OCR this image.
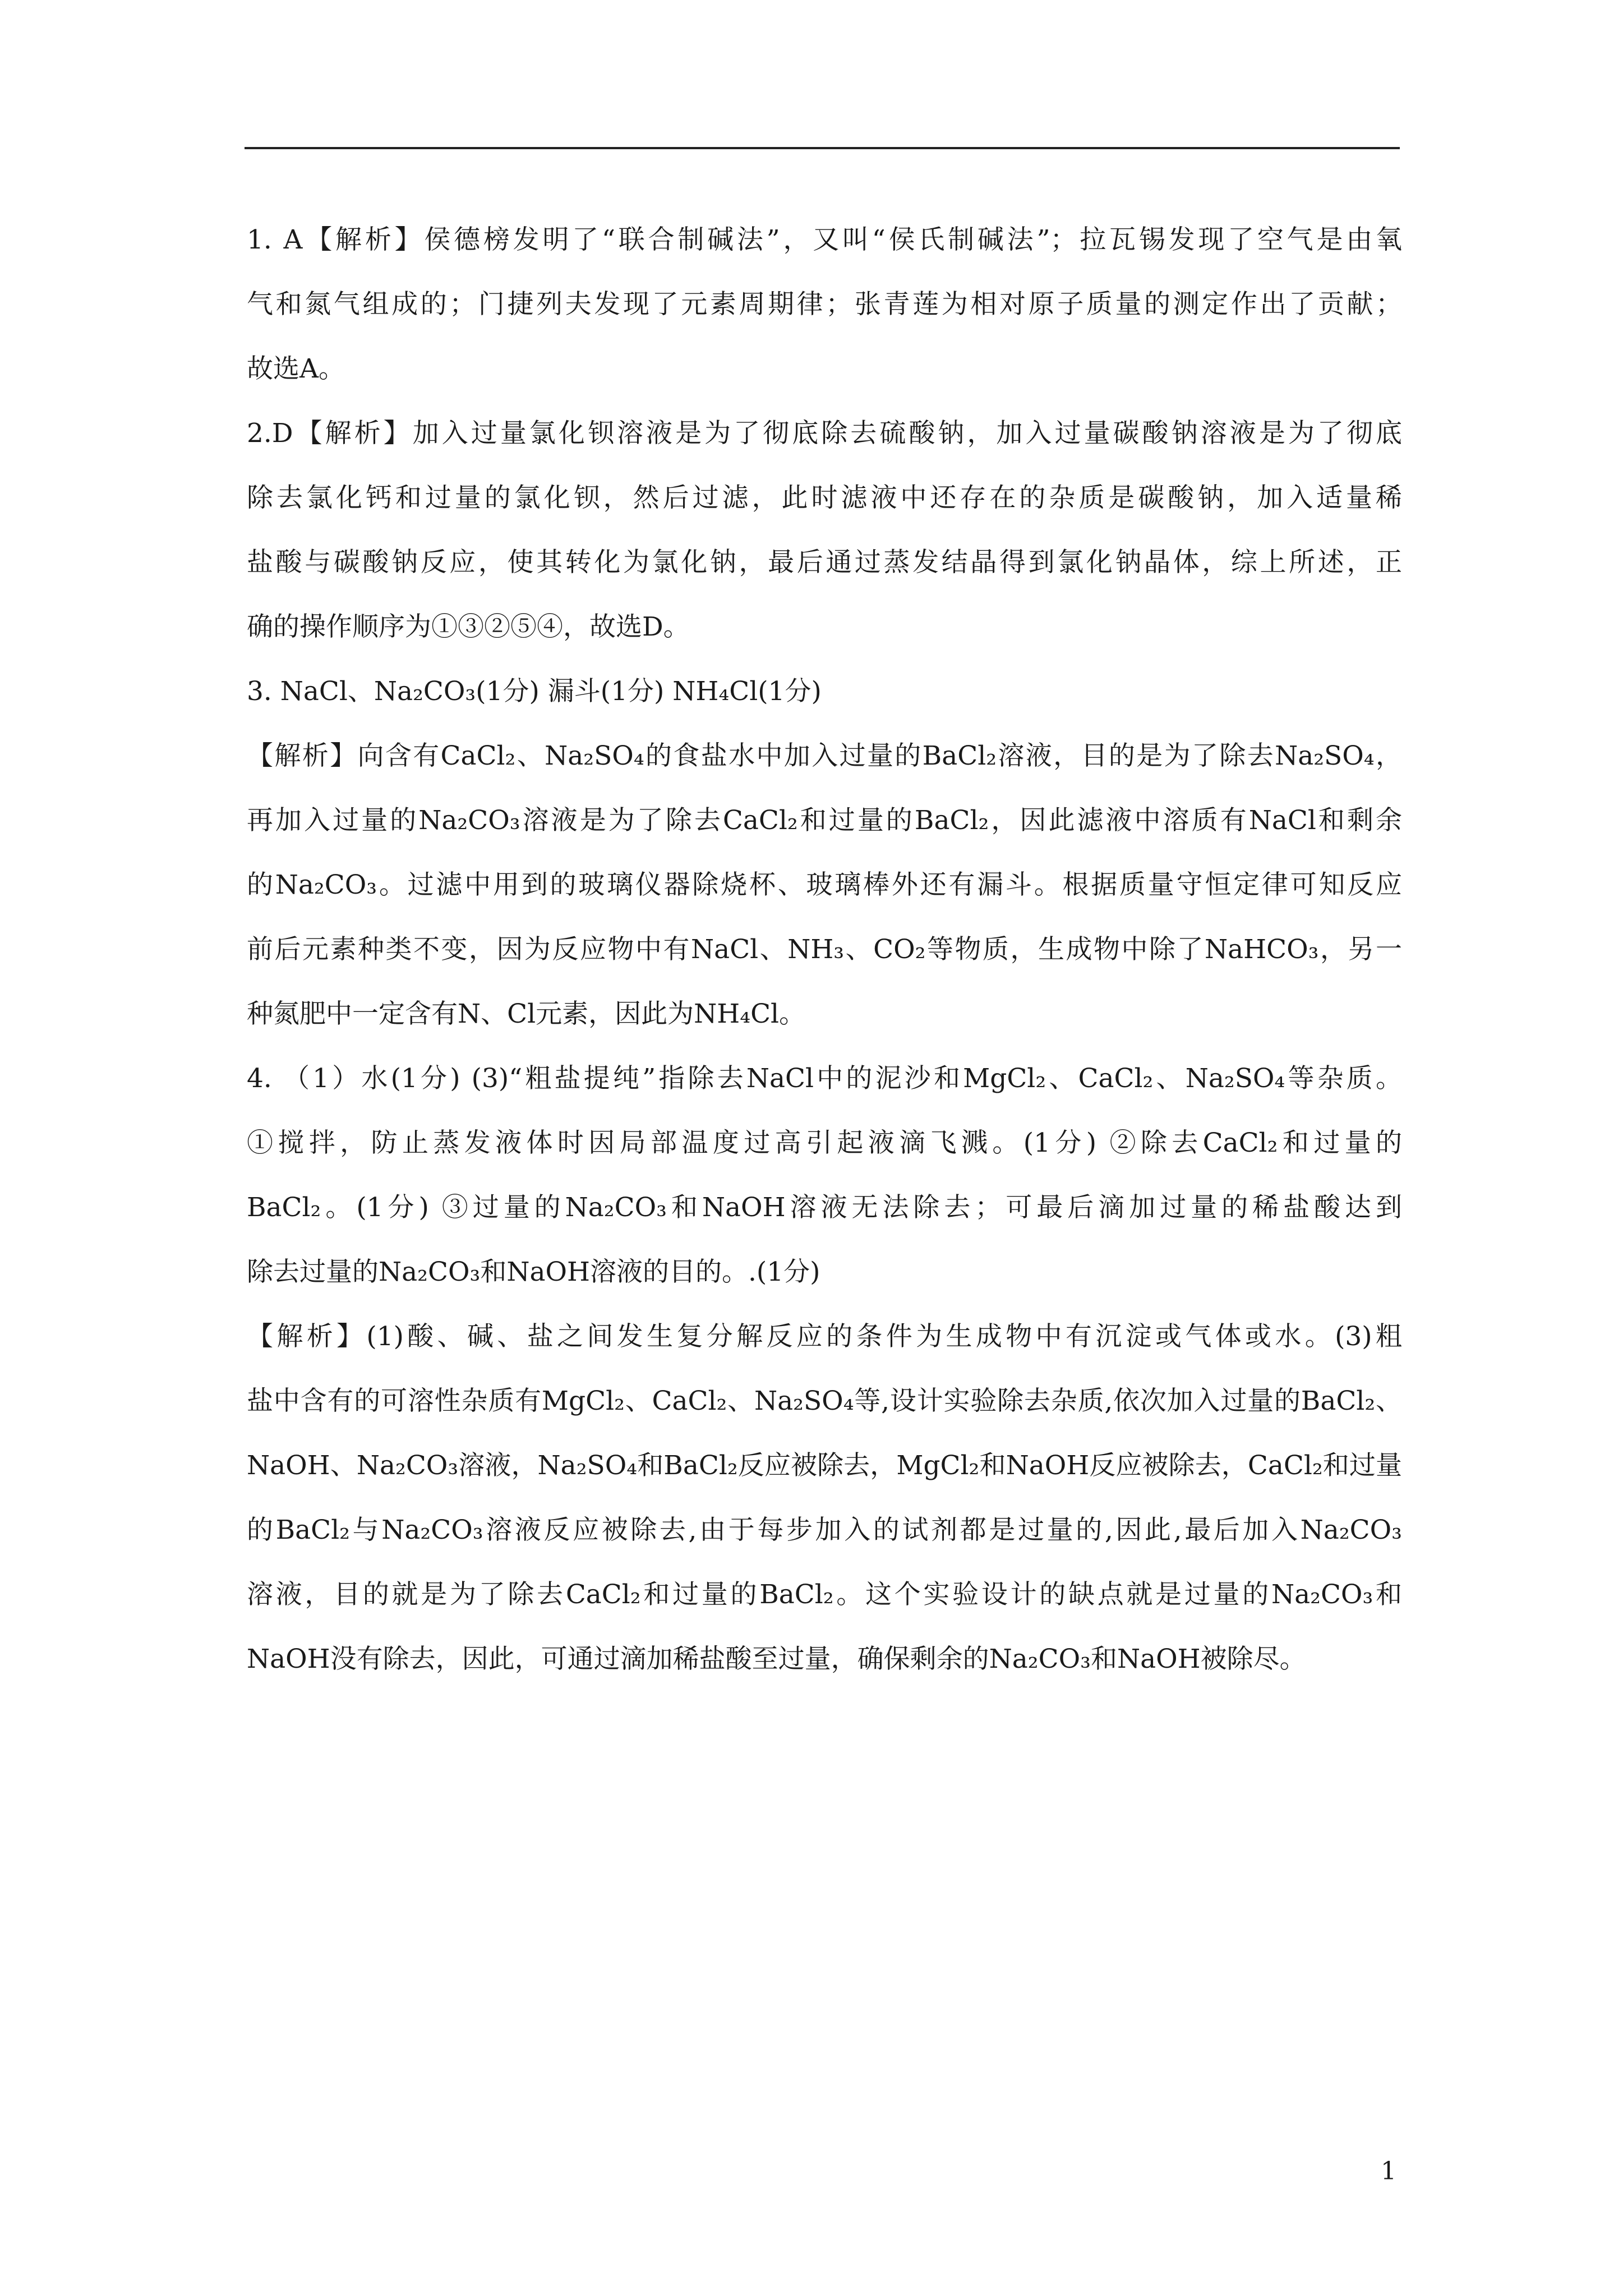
1. A【解析】侯德榜发明了“联合制碱法”，又叫“侯氏制碱法”；拉瓦锡发现了空气是由氧
气和氮气组成的；门捷列夫发现了元素周期律；张青莲为相对原子质量的测定作出了贡献；
故选A。
2.D【解析】加入过量氯化钡溶液是为了彻底除去硫酸钠，加入过量碳酸钠溶液是为了彻底
除去氯化钙和过量的氯化钡，然后过滤，此时滤液中还存在的杂质是碳酸钠，加入适量稀
盐酸与碳酸钠反应，使其转化为氯化钠，最后通过蒸发结晶得到氯化钠晶体，综上所述，正
确的操作顺序为①③②⑤④，故选D。
3. NaCl、Na₂CO₃(1分) 漏斗(1分) NH₄Cl(1分)
【解析】向含有CaCl₂、Na₂SO₄的食盐水中加入过量的BaCl₂溶液，目的是为了除去Na₂SO₄，
再加入过量的Na₂CO₃溶液是为了除去CaCl₂和过量的BaCl₂，因此滤液中溶质有NaCl和剩余
的Na₂CO₃。过滤中用到的玻璃仪器除烧杯、玻璃棒外还有漏斗。根据质量守恒定律可知反应
前后元素种类不变，因为反应物中有NaCl、NH₃、CO₂等物质，生成物中除了NaHCO₃，另一
种氮肥中一定含有N、Cl元素，因此为NH₄Cl。
4. （1）水(1分) (3)“粗盐提纯”指除去NaCl中的泥沙和MgCl₂、CaCl₂、Na₂SO₄等杂质。
①搅拌，防止蒸发液体时因局部温度过高引起液滴飞溅。(1分) ②除去CaCl₂和过量的
BaCl₂。(1分) ③过量的Na₂CO₃和NaOH溶液无法除去；可最后滴加过量的稀盐酸达到
除去过量的Na₂CO₃和NaOH溶液的目的。.(1分)
【解析】(1)酸、碱、盐之间发生复分解反应的条件为生成物中有沉淀或气体或水。(3)粗
盐中含有的可溶性杂质有MgCl₂、CaCl₂、Na₂SO₄等,设计实验除去杂质,依次加入过量的BaCl₂、
NaOH、Na₂CO₃溶液，Na₂SO₄和BaCl₂反应被除去，MgCl₂和NaOH反应被除去，CaCl₂和过量
的BaCl₂与Na₂CO₃溶液反应被除去,由于每步加入的试剂都是过量的,因此,最后加入Na₂CO₃
溶液，目的就是为了除去CaCl₂和过量的BaCl₂。这个实验设计的缺点就是过量的Na₂CO₃和
NaOH没有除去，因此，可通过滴加稀盐酸至过量，确保剩余的Na₂CO₃和NaOH被除尽。
1
